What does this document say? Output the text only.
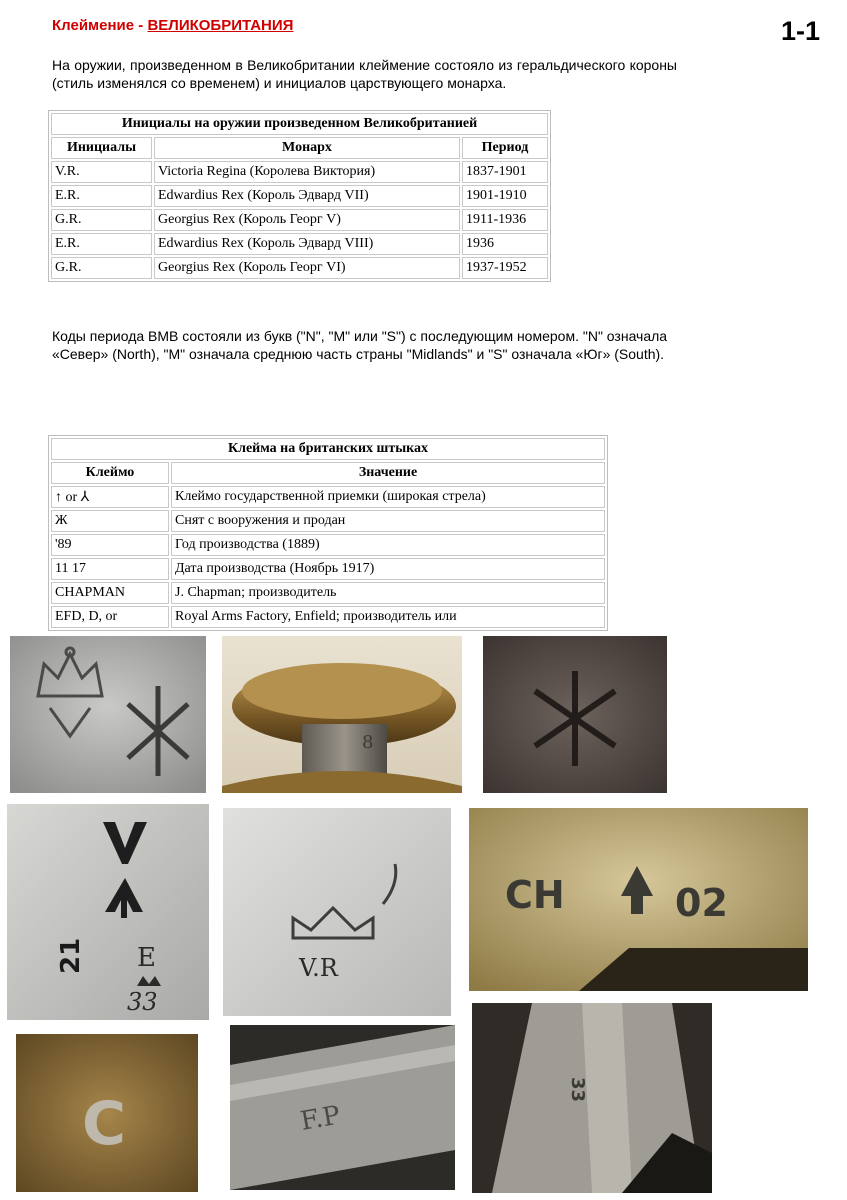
Клеймение - ВЕЛИКОБРИТАНИЯ	1-1
На оружии, произведенном в Великобритании клеймение состояло из геральдического короны (стиль изменялся со временем) и инициалов царствующего монарха.
Инициалы на оружии произведенном Великобританией		
Инициалы	Монарх	Период
V.R.	Victoria Regina (Королева Виктория)	1837-1901
E.R.	Edwardius Rex (Король Эдвард VII)	1901-1910
G.R.	Georgius Rex (Король Георг V)	1911-1936
E.R.	Edwardius Rex (Король Эдвард VIII)	1936
G.R.	Georgius Rex (Король Георг VI)	1937-1952
Коды периода BMB состояли из букв ("N", "M" или "S") с последующим номером. "N" означала «Север» (North), "M" означала среднюю часть страны "Midlands" и "S" означала «Юг» (South).
Клейма на британских штыках	
Клеймо	Значение
↑ or ⅄	Клеймо государственной приемки (широкая стрела)
Ж	Снят с вооружения и продан
'89	Год производства (1889)
11 17	Дата производства (Ноябрь 1917)
CHAPMAN	J. Chapman; производитель
EFD, D, or	Royal Arms Factory, Enfield; производитель или
8
21 E
33
V.R
CH	02
C	F.P
33
